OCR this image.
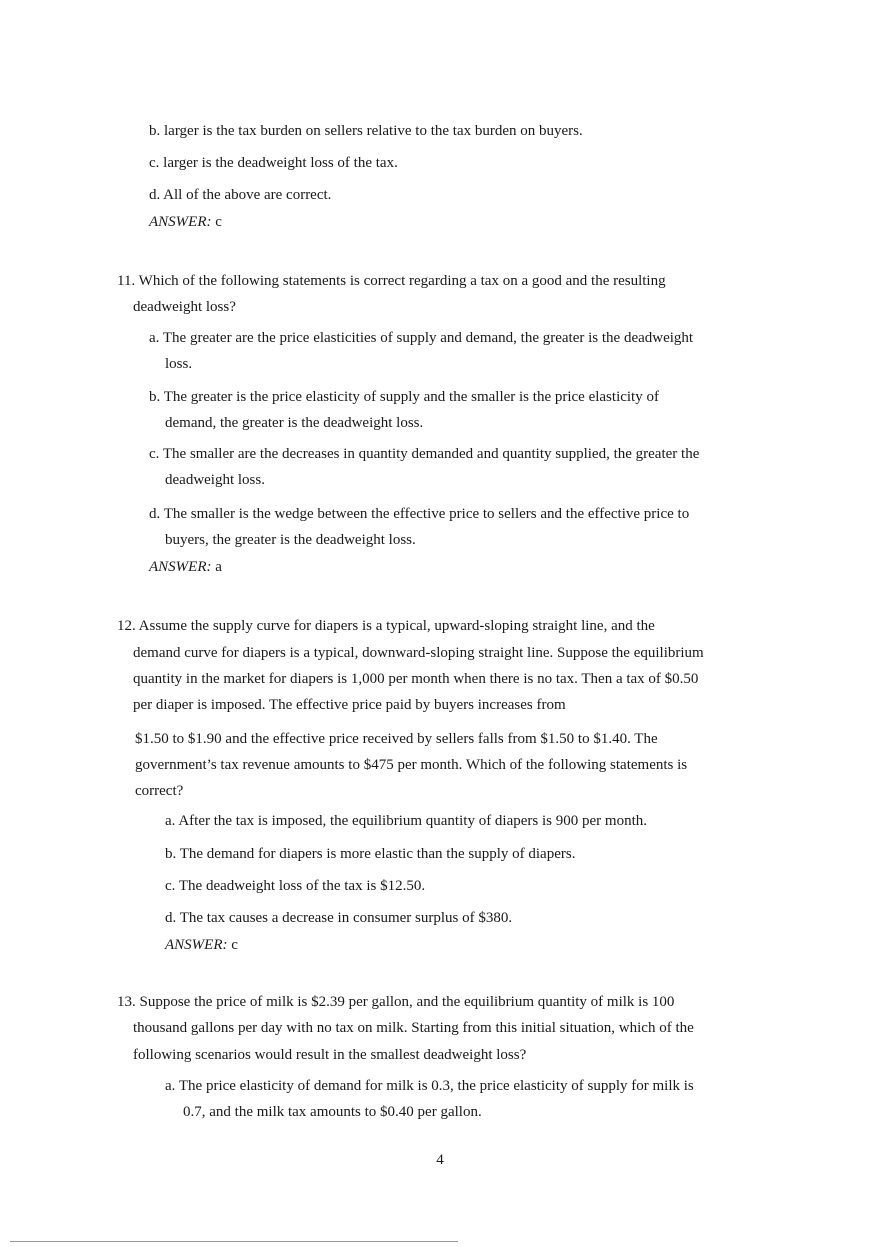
b. larger is the tax burden on sellers relative to the tax burden on buyers.
c. larger is the deadweight loss of the tax.
d. All of the above are correct.
ANSWER: c
11. Which of the following statements is correct regarding a tax on a good and the resulting
deadweight loss?
a. The greater are the price elasticities of supply and demand, the greater is the deadweight
loss.
b. The greater is the price elasticity of supply and the smaller is the price elasticity of
demand, the greater is the deadweight loss.
c. The smaller are the decreases in quantity demanded and quantity supplied, the greater the
deadweight loss.
d. The smaller is the wedge between the effective price to sellers and the effective price to
buyers, the greater is the deadweight loss.
ANSWER: a
12. Assume the supply curve for diapers is a typical, upward-sloping straight line, and the
demand curve for diapers is a typical, downward-sloping straight line. Suppose the equilibrium
quantity in the market for diapers is 1,000 per month when there is no tax. Then a tax of $0.50
per diaper is imposed. The effective price paid by buyers increases from
$1.50 to $1.90 and the effective price received by sellers falls from $1.50 to $1.40. The
government’s tax revenue amounts to $475 per month. Which of the following statements is
correct?
a. After the tax is imposed, the equilibrium quantity of diapers is 900 per month.
b. The demand for diapers is more elastic than the supply of diapers.
c. The deadweight loss of the tax is $12.50.
d. The tax causes a decrease in consumer surplus of $380.
ANSWER: c
13. Suppose the price of milk is $2.39 per gallon, and the equilibrium quantity of milk is 100
thousand gallons per day with no tax on milk. Starting from this initial situation, which of the
following scenarios would result in the smallest deadweight loss?
a. The price elasticity of demand for milk is 0.3, the price elasticity of supply for milk is
0.7, and the milk tax amounts to $0.40 per gallon.
4
